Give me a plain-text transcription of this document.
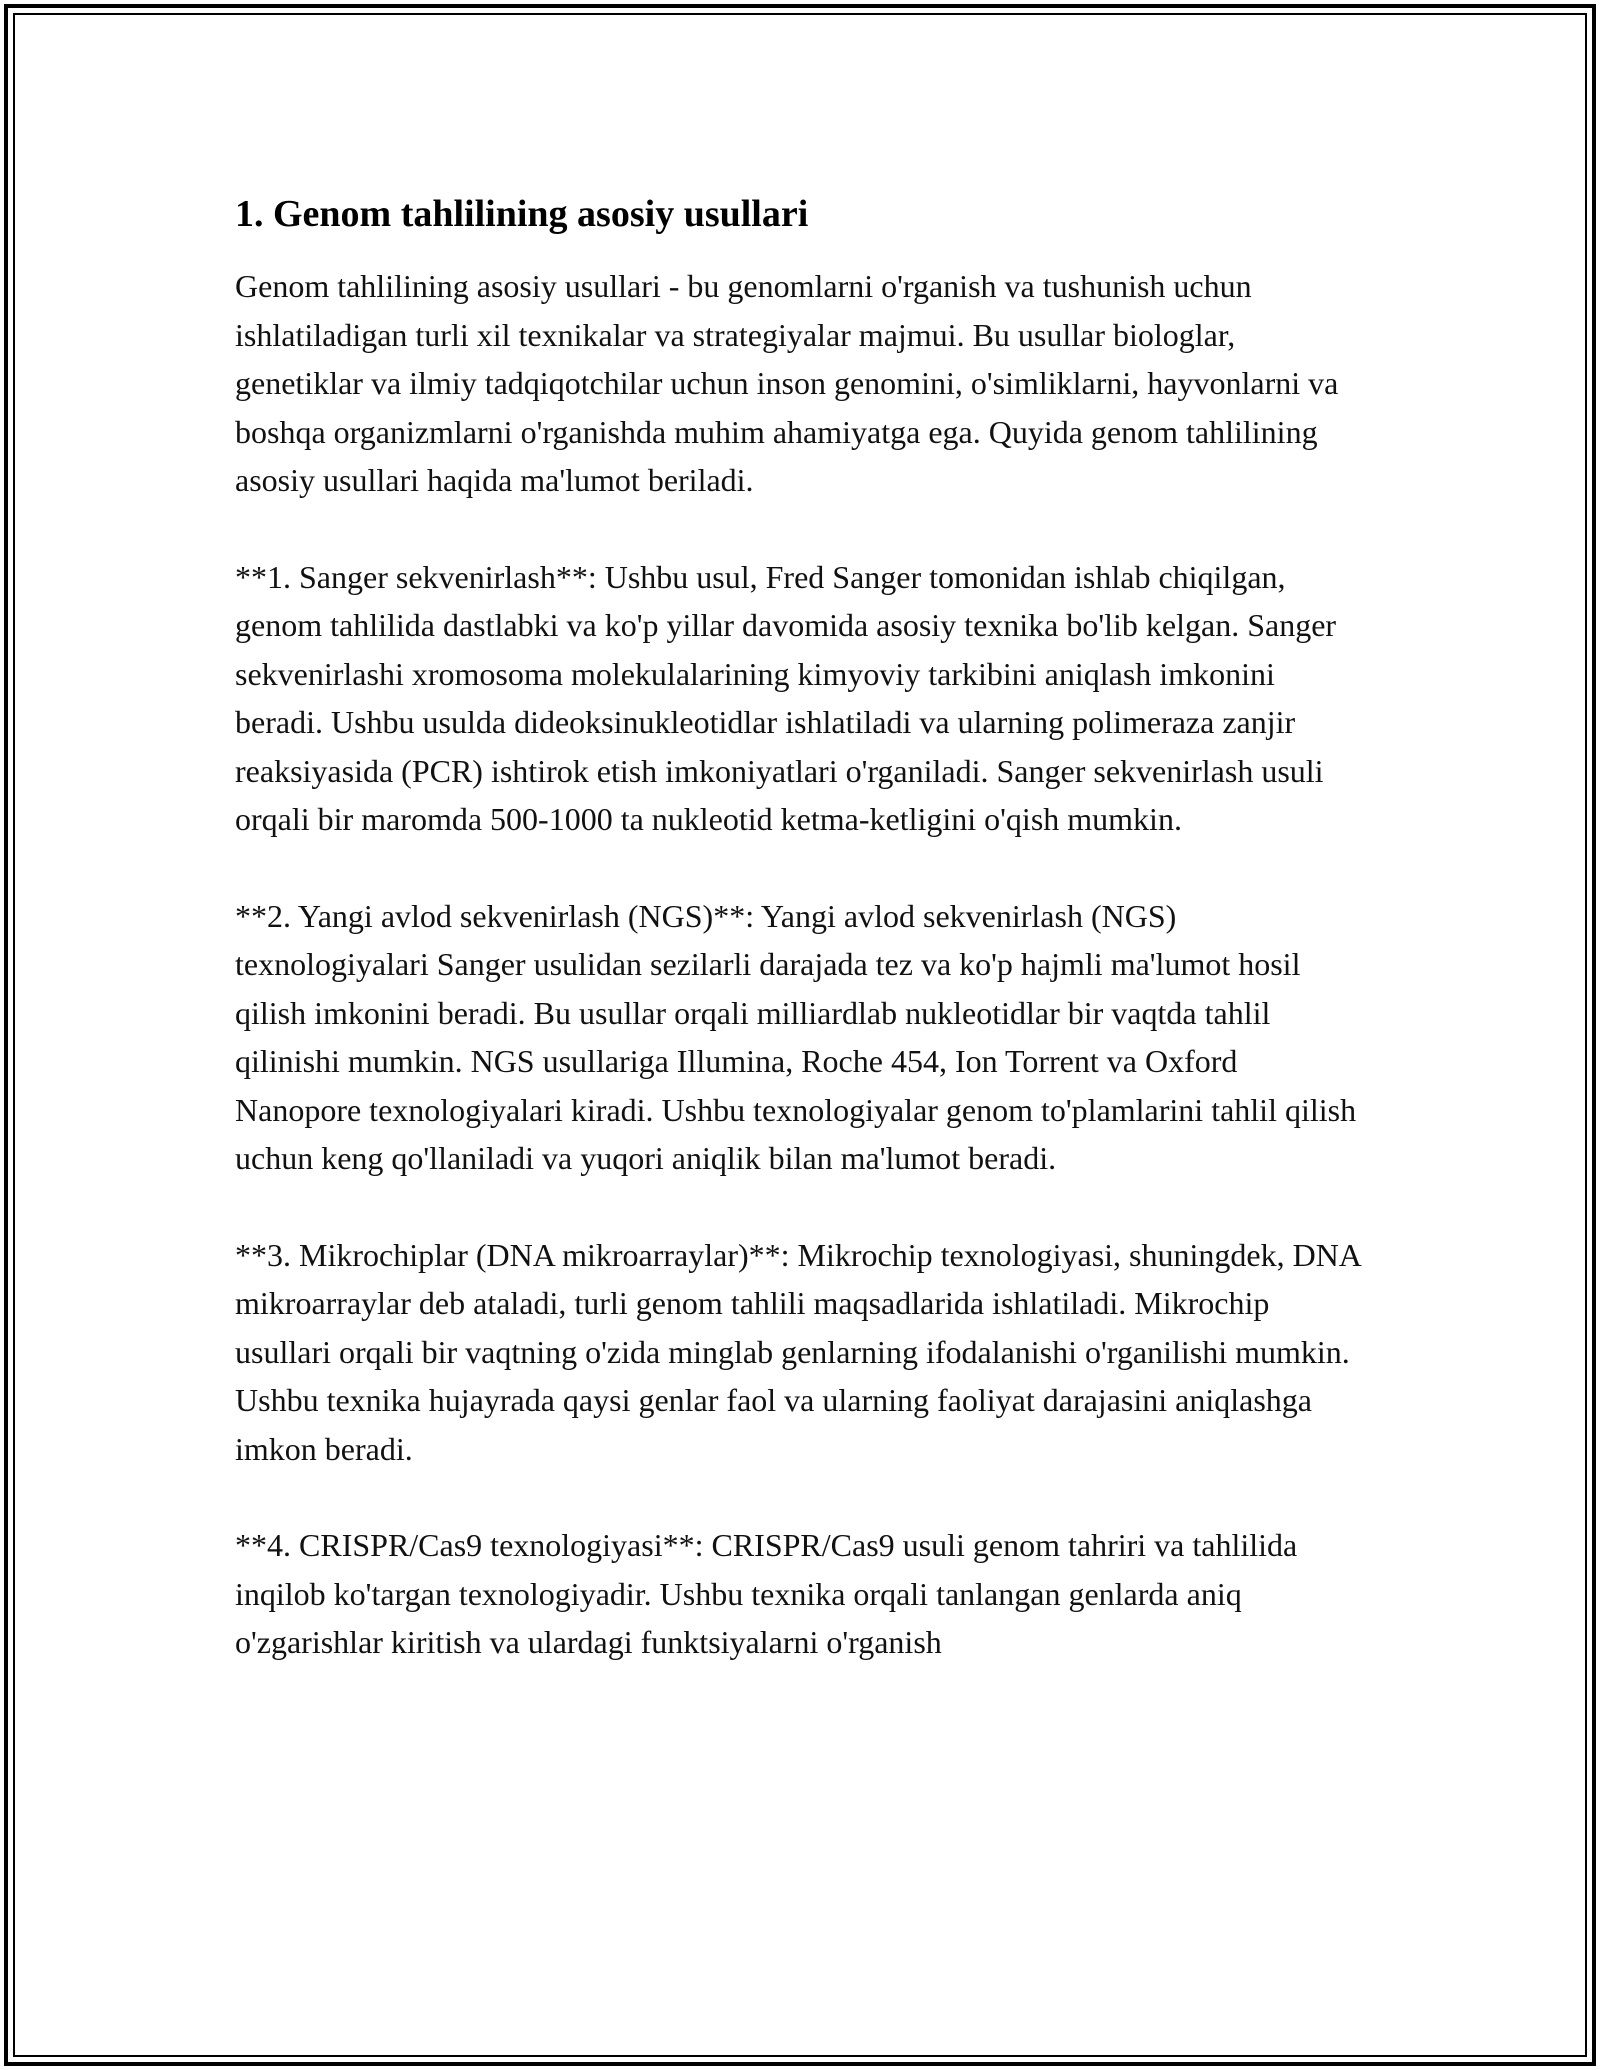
1. Genom tahlilining asosiy usullari

Genom tahlilining asosiy usullari - bu genomlarni o'rganish va tushunish uchun ishlatiladigan turli xil texnikalar va strategiyalar majmui. Bu usullar biologlar, genetiklar va ilmiy tadqiqotchilar uchun inson genomini, o'simliklarni, hayvonlarni va boshqa organizmlarni o'rganishda muhim ahamiyatga ega. Quyida genom tahlilining asosiy usullari haqida ma'lumot beriladi.

**1. Sanger sekvenirlash**: Ushbu usul, Fred Sanger tomonidan ishlab chiqilgan, genom tahlilida dastlabki va ko'p yillar davomida asosiy texnika bo'lib kelgan. Sanger sekvenirlashi xromosoma molekulalarining kimyoviy tarkibini aniqlash imkonini beradi. Ushbu usulda dideoksinukleotidlar ishlatiladi va ularning polimeraza zanjir reaksiyasida (PCR) ishtirok etish imkoniyatlari o'rganiladi. Sanger sekvenirlash usuli orqali bir maromda 500-1000 ta nukleotid ketma-ketligini o'qish mumkin.

**2. Yangi avlod sekvenirlash (NGS)**: Yangi avlod sekvenirlash (NGS) texnologiyalari Sanger usulidan sezilarli darajada tez va ko'p hajmli ma'lumot hosil qilish imkonini beradi. Bu usullar orqali milliardlab nukleotidlar bir vaqtda tahlil qilinishi mumkin. NGS usullariga Illumina, Roche 454, Ion Torrent va Oxford Nanopore texnologiyalari kiradi. Ushbu texnologiyalar genom to'plamlarini tahlil qilish uchun keng qo'llaniladi va yuqori aniqlik bilan ma'lumot beradi.

**3. Mikrochiplar (DNA mikroarraylar)**: Mikrochip texnologiyasi, shuningdek, DNA mikroarraylar deb ataladi, turli genom tahlili maqsadlarida ishlatiladi. Mikrochip usullari orqali bir vaqtning o'zida minglab genlarning ifodalanishi o'rganilishi mumkin. Ushbu texnika hujayrada qaysi genlar faol va ularning faoliyat darajasini aniqlashga imkon beradi.

**4. CRISPR/Cas9 texnologiyasi**: CRISPR/Cas9 usuli genom tahriri va tahlilida inqilob ko'targan texnologiyadir. Ushbu texnika orqali tanlangan genlarda aniq o'zgarishlar kiritish va ulardagi funktsiyalarni o'rganish
